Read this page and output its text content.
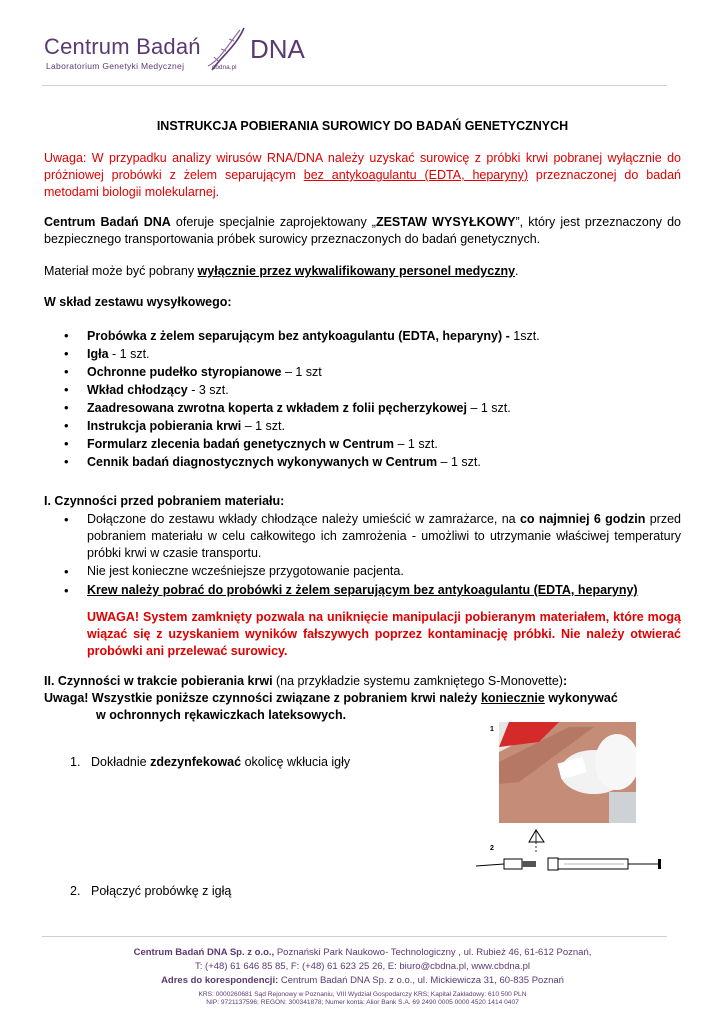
Centrum Badań DNA
Laboratorium Genetyki Medycznej	cbdna.pl
INSTRUKCJA POBIERANIA SUROWICY DO BADAŃ GENETYCZNYCH
Uwaga: W przypadku analizy wirusów RNA/DNA należy uzyskać surowicę z próbki krwi pobranej wyłącznie do próżniowej probówki z żelem separującym bez antykoagulantu (EDTA, heparyny) przeznaczonej do badań metodami biologii molekularnej.
Centrum Badań DNA oferuje specjalnie zaprojektowany „ZESTAW WYSYŁKOWY”, który jest przeznaczony do bezpiecznego transportowania próbek surowicy przeznaczonych do badań genetycznych.
Materiał może być pobrany wyłącznie przez wykwalifikowany personel medyczny.
W skład zestawu wysyłkowego:
• Probówka z żelem separującym bez antykoagulantu (EDTA, heparyny) - 1szt.
• Igła - 1 szt.
• Ochronne pudełko styropianowe – 1 szt
• Wkład chłodzący - 3 szt.
• Zaadresowana zwrotna koperta z wkładem z folii pęcherzykowej – 1 szt.
• Instrukcja pobierania krwi – 1 szt.
• Formularz zlecenia badań genetycznych w Centrum – 1 szt.
• Cennik badań diagnostycznych wykonywanych w Centrum – 1 szt.
I. Czynności przed pobraniem materiału:
• Dołączone do zestawu wkłady chłodzące należy umieścić w zamrażarce, na co najmniej 6 godzin przed pobraniem materiału w celu całkowitego ich zamrożenia - umożliwi to utrzymanie właściwej temperatury próbki krwi w czasie transportu.
• Nie jest konieczne wcześniejsze przygotowanie pacjenta.
• Krew należy pobrać do probówki z żelem separującym bez antykoagulantu (EDTA, heparyny)
UWAGA! System zamknięty pozwala na uniknięcie manipulacji pobieranym materiałem, które mogą wiązać się z uzyskaniem wyników fałszywych poprzez kontaminację próbki. Nie należy otwierać probówki ani przelewać surowicy.
II. Czynności w trakcie pobierania krwi (na przykładzie systemu zamkniętego S-Monovette):
Uwaga! Wszystkie poniższe czynności związane z pobraniem krwi należy koniecznie wykonywać
w ochronnych rękawiczkach lateksowych.
1. Dokładnie zdezynfekować okolicę wkłucia igły
2. Połączyć probówkę z igłą
1
2
Centrum Badań DNA Sp. z o.o., Poznański Park Naukowo- Technologiczny , ul. Rubież 46, 61-612 Poznań,
T: (+48) 61 646 85 85, F: (+48) 61 623 25 26, E: biuro@cbdna.pl, www.cbdna.pl
Adres do korespondencji: Centrum Badań DNA Sp. z o.o., ul. Mickiewicza 31, 60-835 Poznań
KRS: 0000260681 Sąd Rejonowy w Poznaniu, VIII Wydział Gospodarczy KRS; Kapitał Zakładowy: 610 500 PLN
NIP: 9721137596; REGON: 300341878; Numer konta: Alior Bank S.A. 69 2490 0005 0000 4520 1414 0407
